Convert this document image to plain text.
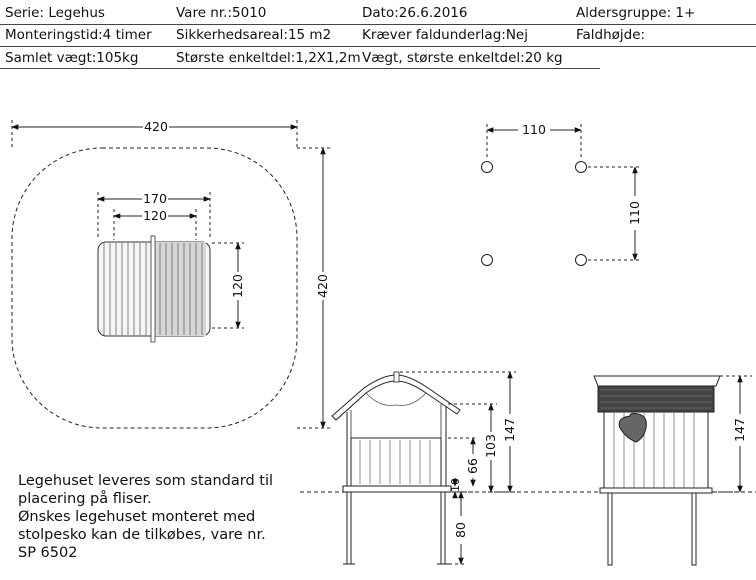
Serie: Legehus	Vare nr.:5010	Dato:26.6.2016	Aldersgruppe: 1+
Monteringstid:4 timer Sikkerhedsareal:15 m2 Kræver faldunderlag:Nej	Faldhøjde:
Samlet vægt:105kg	Største enkeltdel:1,2X1,2m Vægt, største enkeltdel:20 kg
420
420
170
120
120
110
110
147
103
66
10
80
147
Legehuset leveres som standard til
placering på fliser.
Ønskes legehuset monteret med
stolpesko kan de tilkøbes, vare nr.
SP 6502
